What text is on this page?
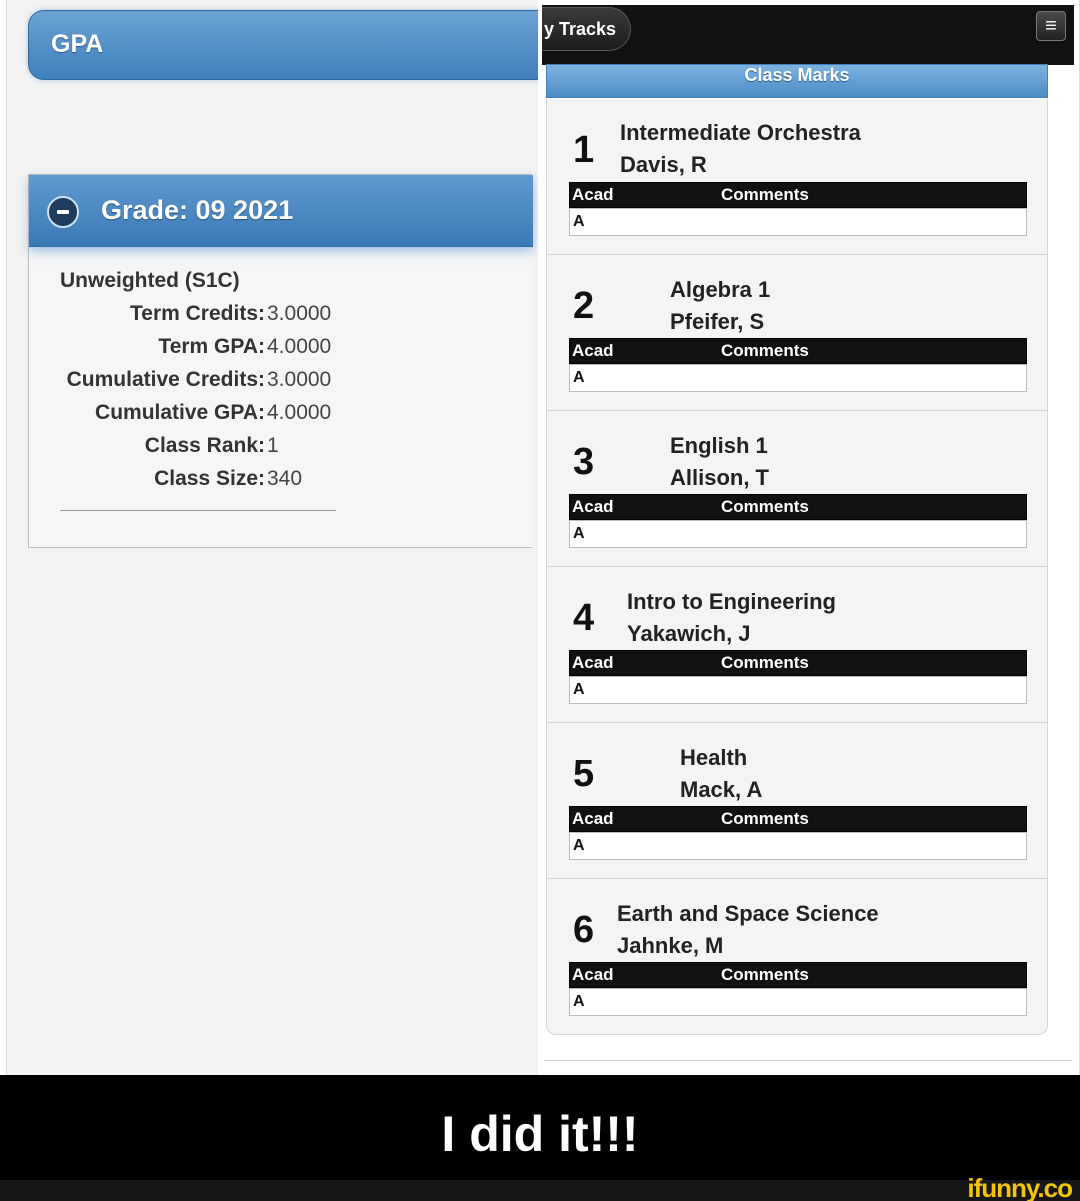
GPA
Grade: 09 2021
Unweighted (S1C)
Term Credits: 3.0000
Term GPA: 4.0000
Cumulative Credits: 3.0000
Cumulative GPA: 4.0000
Class Rank: 1
Class Size: 340
y Tracks	≡
Class Marks
1 Intermediate Orchestra
Davis, R
Acad	Comments
A
2	Algebra 1
Pfeifer, S
Acad	Comments
A
3	English 1
Allison, T
Acad	Comments
A
4 Intro to Engineering
Yakawich, J
Acad	Comments
A
5	Health
Mack, A
Acad	Comments
A
6 Earth and Space Science
Jahnke, M
Acad	Comments
A
I did it!!!
ifunny.co
